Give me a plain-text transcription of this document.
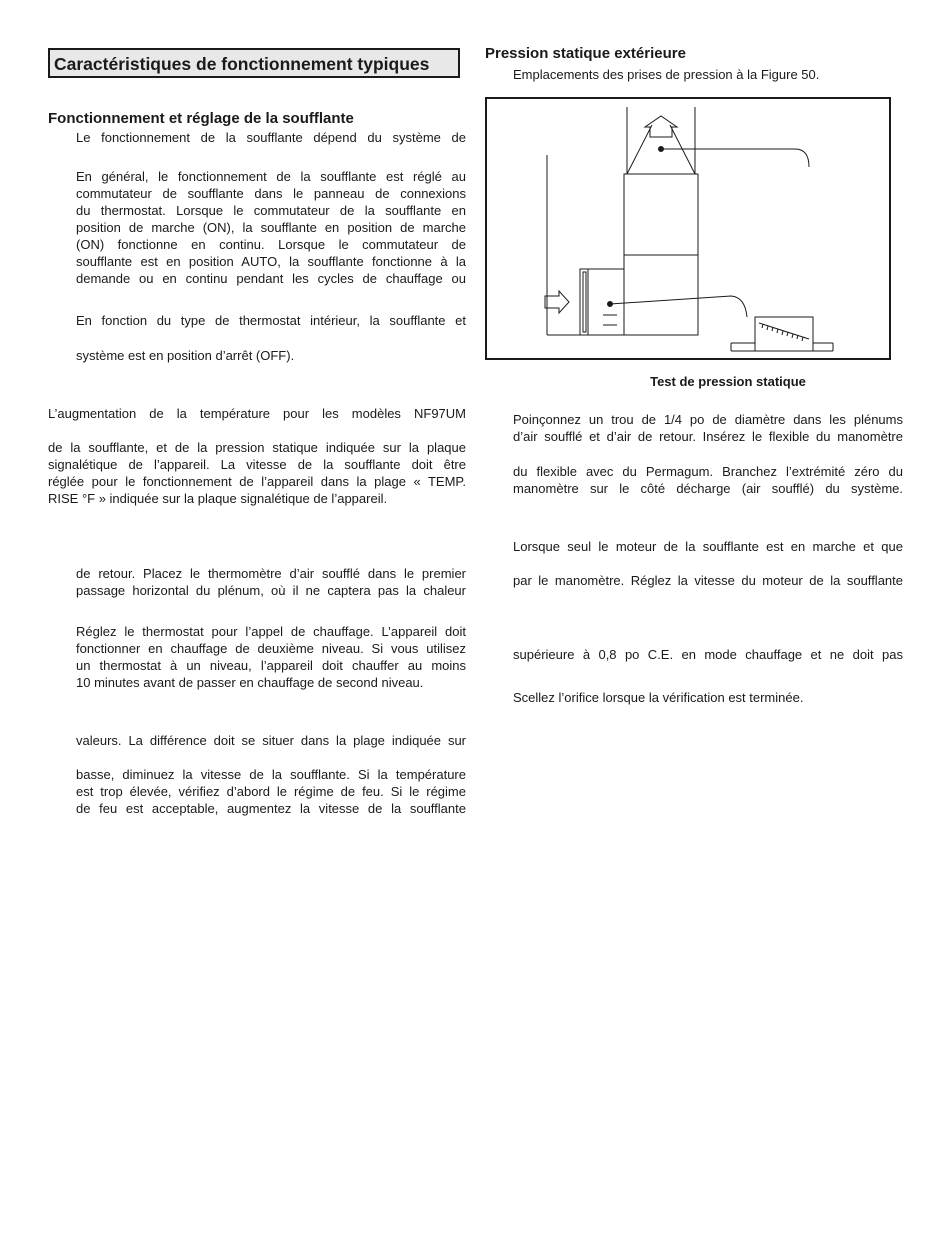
Caractéristiques de fonctionnement typiques
Fonctionnement et réglage de la soufflante
Le fonctionnement de la soufflante dépend du système de
En général, le fonctionnement de la soufflante est réglé au
commutateur de soufflante dans le panneau de connexions
du thermostat. Lorsque le commutateur de la soufflante en
position de marche (ON), la soufflante en position de marche
(ON) fonctionne en continu. Lorsque le commutateur de
soufflante est en position AUTO, la soufflante fonctionne à la
demande ou en continu pendant les cycles de chauffage ou
En fonction du type de thermostat intérieur, la soufflante et
système est en position d’arrêt (OFF).
L’augmentation de la température pour les modèles NF97UM
de la soufflante, et de la pression statique indiquée sur la plaque
signalétique de l’appareil. La vitesse de la soufflante doit être
réglée pour le fonctionnement de l’appareil dans la plage « TEMP.
RISE °F » indiquée sur la plaque signalétique de l’appareil.
de retour. Placez le thermomètre d’air soufflé dans le premier
passage horizontal du plénum, où il ne captera pas la chaleur
Réglez le thermostat pour l’appel de chauffage. L’appareil doit
fonctionner en chauffage de deuxième niveau. Si vous utilisez
un thermostat à un niveau, l’appareil doit chauffer au moins
10 minutes avant de passer en chauffage de second niveau.
valeurs. La différence doit se situer dans la plage indiquée sur
basse, diminuez la vitesse de la soufflante. Si la température
est trop élevée, vérifiez d’abord le régime de feu. Si le régime
de feu est acceptable, augmentez la vitesse de la soufflante
Pression statique extérieure
Emplacements des prises de pression à la Figure 50.
Test de pression statique
Poinçonnez un trou de 1/4 po de diamètre dans les plénums
d’air soufflé et d’air de retour. Insérez le flexible du manomètre
du flexible avec du Permagum. Branchez l’extrémité zéro du
manomètre sur le côté décharge (air soufflé) du système.
Lorsque seul le moteur de la soufflante est en marche et que
par le manomètre. Réglez la vitesse du moteur de la soufflante
supérieure à 0,8 po C.E. en mode chauffage et ne doit pas
Scellez l’orifice lorsque la vérification est terminée.
